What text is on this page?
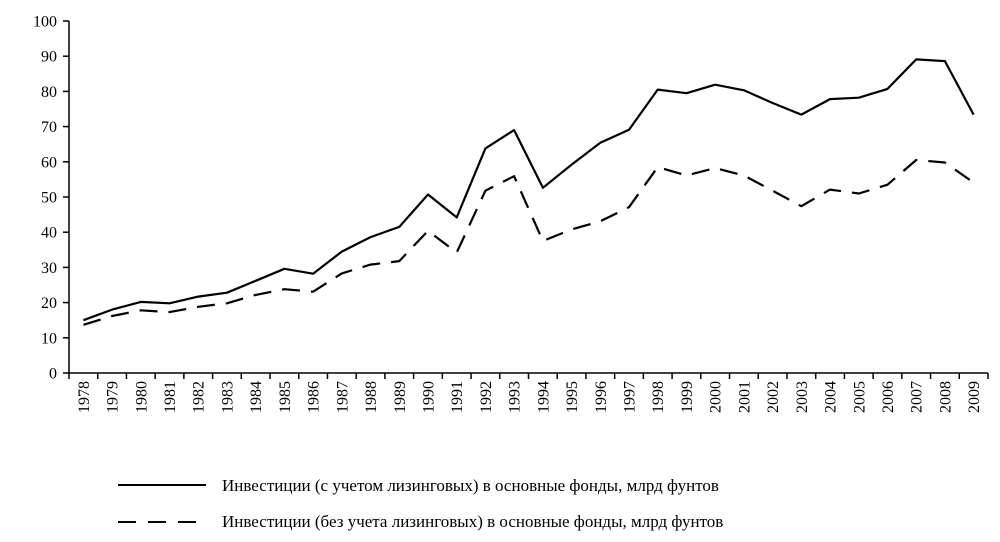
0
10
20
30
40
50
60
70
80
90
100
1978 1979 1980 1981 1982 1983 1984 1985 1986 1987 1988 1989 1990 1991 1992 1993 1994 1995 1996 1997 1998 1999 2000 2001 2002 2003 2004 2005 2006 2007 2008 2009
Инвестиции (с учетом лизинговых) в основные фонды, млрд фунтов
Инвестиции (без учета лизинговых) в основные фонды, млрд фунтов
